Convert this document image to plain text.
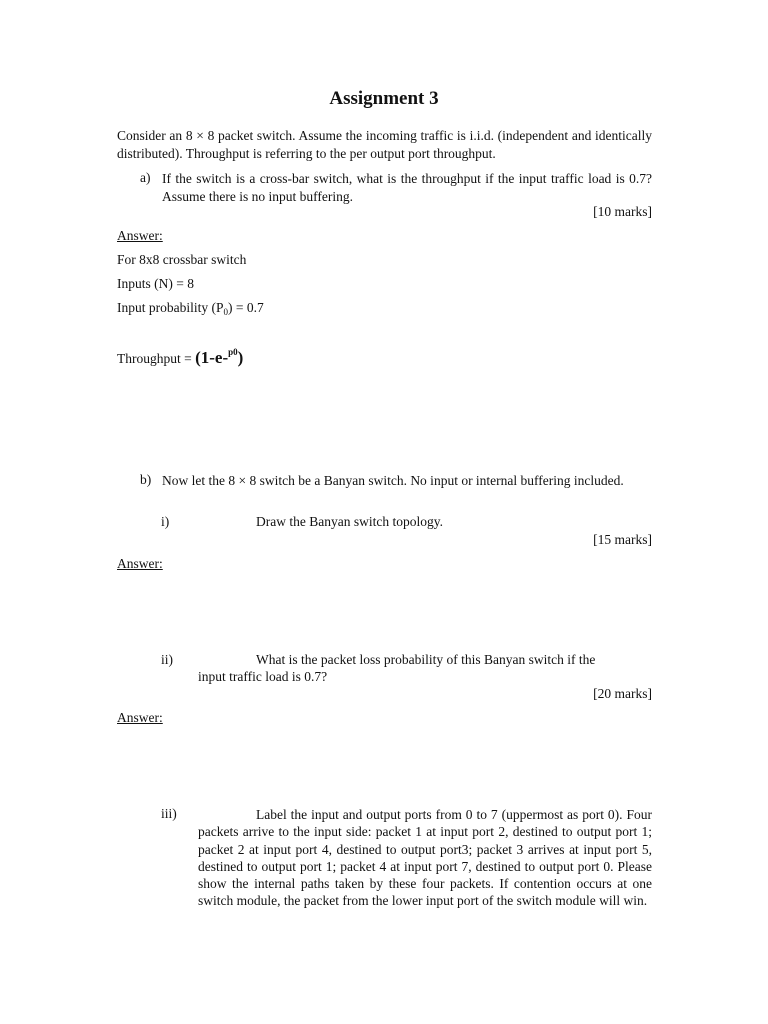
Assignment 3
Consider an 8 × 8 packet switch. Assume the incoming traffic is i.i.d. (independent and identically distributed). Throughput is referring to the per output port throughput.
a) If the switch is a cross-bar switch, what is the throughput if the input traffic load is 0.7? Assume there is no input buffering.
[10 marks]
Answer:
For 8x8 crossbar switch
Inputs (N) = 8
Input probability $(P_0) = 0.7$
Throughput = (1-e-$^{p0}$)
b) Now let the 8 × 8 switch be a Banyan switch. No input or internal buffering included.
i)	Draw the Banyan switch topology.
[15 marks]
Answer:
ii)	What is the packet loss probability of this Banyan switch if the
input traffic load is 0.7?
[20 marks]
Answer:
iii)	Label the input and output ports from 0 to 7 (uppermost as port 0). Four packets arrive to the input side: packet 1 at input port 2, destined to output port 1; packet 2 at input port 4, destined to output port3; packet 3 arrives at input port 5, destined to output port 1; packet 4 at input port 7, destined to output port 0. Please show the internal paths taken by these four packets. If contention occurs at one switch module, the packet from the lower input port of the switch module will win.
